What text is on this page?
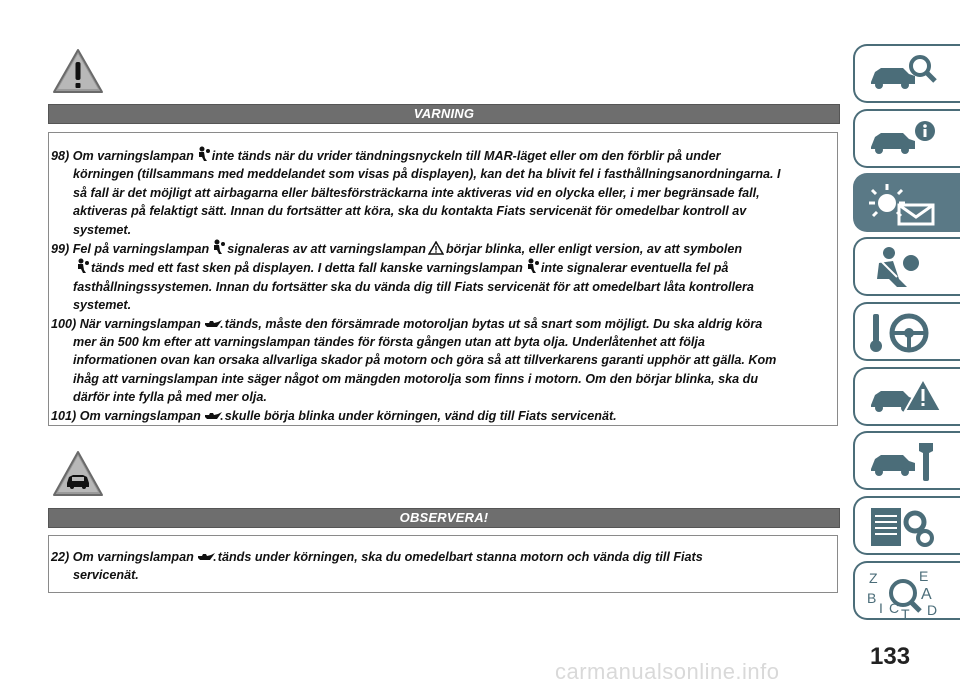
VARNING

98) Om varningslampan inte tänds när du vrider tändningsnyckeln till MAR-läget eller om den förblir på under
körningen (tillsammans med meddelandet som visas på displayen), kan det ha blivit fel i fasthållningsanordningarna. I
så fall är det möjligt att airbagarna eller bältesförsträckarna inte aktiveras vid en olycka eller, i mer begränsade fall,
aktiveras på felaktigt sätt. Innan du fortsätter att köra, ska du kontakta Fiats servicenät för omedelbar kontroll av
systemet.

99) Fel på varningslampan signaleras av att varningslampan börjar blinka, eller enligt version, av att symbolen
tänds med ett fast sken på displayen. I detta fall kanske varningslampan inte signalerar eventuella fel på
fasthållningssystemen. Innan du fortsätter ska du vända dig till Fiats servicenät för att omedelbart låta kontrollera
systemet.

100) När varningslampan tänds, måste den försämrade motoroljan bytas ut så snart som möjligt. Du ska aldrig köra
mer än 500 km efter att varningslampan tändes för första gången utan att byta olja. Underlåtenhet att följa
informationen ovan kan orsaka allvarliga skador på motorn och göra så att tillverkarens garanti upphör att gälla. Kom
ihåg att varningslampan inte säger något om mängden motorolja som finns i motorn. Om den börjar blinka, ska du
därför inte fylla på med mer olja.

101) Om varningslampan skulle börja blinka under körningen, vänd dig till Fiats servicenät.

OBSERVERA!

22) Om varningslampan tänds under körningen, ska du omedelbart stanna motorn och vända dig till Fiats
servicenät.	Z	E
B	A
I C D
T
carmanualsonline.info
133
